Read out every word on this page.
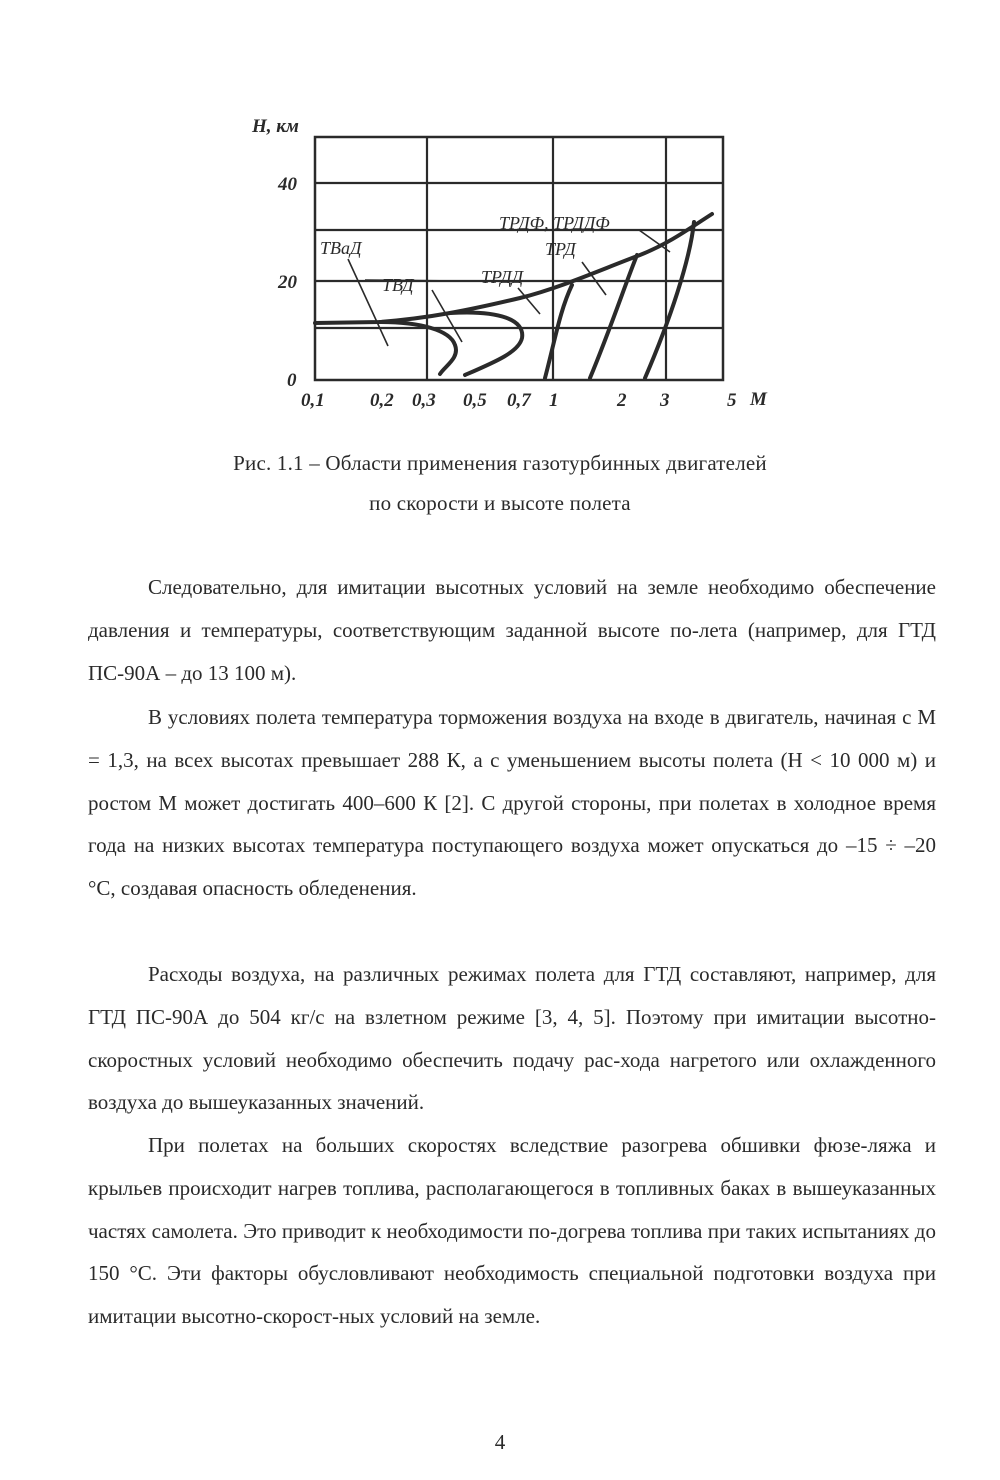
H, км
M
40
20
0
0,1 0,2 0,3 0,5 0,7 1	2 3	5
ТВаД
ТВД	ТРДД
ТРД
ТРДФ, ТРДДФ
Рис. 1.1 – Области применения газотурбинных двигателей
по скорости и высоте полета

Следовательно, для имитации высотных условий на земле необходимо обеспечение давления и температуры, соответствующим заданной высоте по-лета (например, для ГТД ПС-90А – до 13 100 м).

В условиях полета температура торможения воздуха на входе в двигатель, начиная с M = 1,3, на всех высотах превышает 288 К, а с уменьшением высоты полета (H < 10 000 м) и ростом M может достигать 400–600 К [2]. С другой стороны, при полетах в холодное время года на низких высотах температура поступающего воздуха может опускаться до –15 ÷ –20 °С, создавая опасность обледенения.

Расходы воздуха, на различных режимах полета для ГТД составляют, например, для ГТД ПС-90А до 504 кг/с на взлетном режиме [3, 4, 5]. Поэтому при имитации высотно-скоростных условий необходимо обеспечить подачу рас-хода нагретого или охлажденного воздуха до вышеуказанных значений.

При полетах на больших скоростях вследствие разогрева обшивки фюзе-ляжа и крыльев происходит нагрев топлива, располагающегося в топливных баках в вышеуказанных частях самолета. Это приводит к необходимости по-догрева топлива при таких испытаниях до 150 °С. Эти факторы обусловливают необходимость специальной подготовки воздуха при имитации высотно-скорост-ных условий на земле.

4
